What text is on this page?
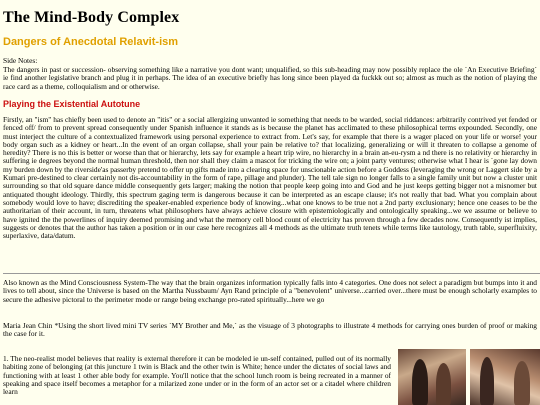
The Mind-Body Complex
Dangers of Anecdotal Relavit-ism
Side Notes:
The dangers in past or succession- observing something like a narrative you dont want; unqualified, so this sub-heading may now possibly replace the ole `An Executive Briefing` ie find another legislative branch and plug it in perhaps. The idea of an executive briefly has long since been played da fuckkk out so; almost as much as the notion of playing the race card as a theme, colloquialism and or otherwise.
Playing the Existential Autotune
Firstly, an "ism" has chiefly been used to denote an "itis" or a social allergizing unwanted ie something that needs to be warded, social riddances: arbitrarily contrived yet fended or fenced off/ from to prevent spread consequently under Spanish influence it stands as is because the planet has acclimated to these philosophical terms expounded. Secondly, one must interject the culture of a contextualized framework using personal experience to extract from. Let's say, for example that there is a wager placed on your life or worse! your body organ such as a kidney or heart...In the event of an organ collapse, shall your pain be relative to? that localizing, generalizing or will it threaten to collapse a genome of heredity? There is no this is better or worse than that or hierarchy, lets say for example a heart trip wire, no hierarchy in a brain an-eu-rysm a nd there is no relativity or hierarchy in suffering ie degrees beyond the normal human threshold, then nor shall they claim a mascot for tricking the wire on; a joint party ventures; otherwise what I hear is `gone lay down my burden down by the riverside'as passerby pretend to offer up gifts made into a clearing space for unscionable action before a Goddess (leveraging the wrong or Laggert side by a Kumari pre-destined to clear certainly not dis-accountability in the form of rape, pillage and plunder). The tell tale sign no longer falls to a single family unit but now a cluster unit surrounding so that old square dance middle consequently gets larger; making the notion that people keep going into and God and he just keeps getting bigger not a misnomer but antiquated thought ideology. Thirdly, this spectrum gaging term is dangerous because it can be interpreted as an escape clause; it's not really that bad. What you complain about somebody would love to have; discrediting the speaker-enabled experience body of knowing...what one knows to be true not a 2nd party exclusionary; hence one ceases to be the authoritarian of their account, in turn, threatens what philosophers have always achieve closure with epistemiologically and ontologically speaking...we we assume or believe to have ignited the the powerlines of inquiry deemed promising and what the memory cell blood count of electricity has proven through a few decades now. Consequently ist implies, suggests or denotes that the author has taken a position or in our case here recognizes all 4 methods as the ultimate truth tenets while terms like tautology, truth table, superfluixity, superlaxive, data/datum.
Also known as the Mind Consciousness System-The way that the brain organizes information typically falls into 4 categories. One does not select a paradigm but bumps into it and lives to tell about, since the Universe is based on the Martha Nussbaum/ Ayn Rand principle of a "benevolent" universe...carried over...there must be enough scholarly examples to secure the adhesive pictoral to the perimeter mode or range being exchange pro-rated spiritually...here we go
Maria Jean Chin *Using the short lived mini TV series `MY Brother and Me,` as the visuage of 3 photographs to illustrate 4 methods for carrying ones burden of proof or making the case for it.
1. The neo-realist model believes that reality is external therefore it can be modeled ie un-self contained, pulled out of its normally habiting zone of belonging (at this juncture 1 twin is Black and the other twin is White; hence under the dictates of social laws and functioning with at least 1 other able body for example. You'll notice that the school lunch room is being recreated in a manner of speaking and space itself becomes a metaphor for a milarized zone under or in the form of an actor set or a citadel where children learn
